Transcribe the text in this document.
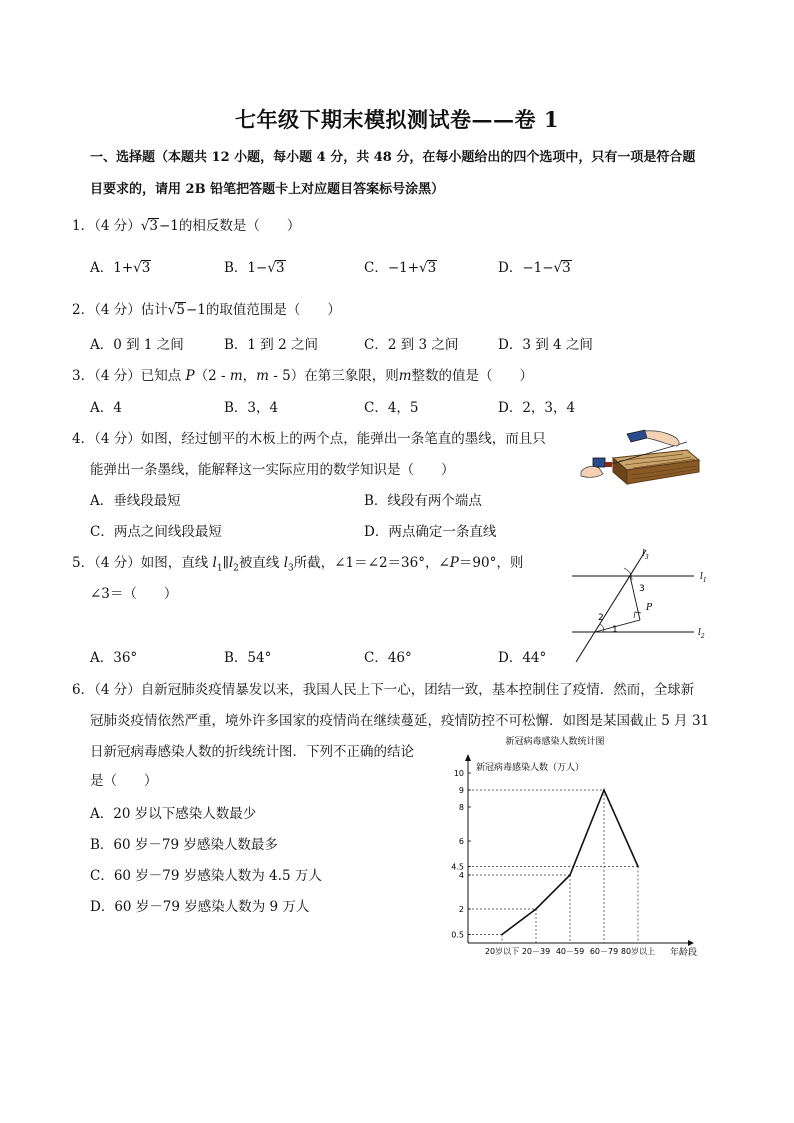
七年级下期末模拟测试卷——卷 1
一、选择题（本题共 12 小题，每小题 4 分，共 48 分，在每小题给出的四个选项中，只有一项是符合题
目要求的，请用 2B 铅笔把答题卡上对应题目答案标号涂黑）
1．（4 分）√3−1的相反数是（　　）
A．1+√3	B．1−√3	C．−1+√3	D．−1−√3
2．（4 分）估计√5−1的取值范围是（　　）
A．0 到 1 之间	B．1 到 2 之间	C．2 到 3 之间	D．3 到 4 之间
3．（4 分）已知点 P（2 - m，m - 5）在第三象限，则m整数的值是（　　）
A．4	B．3，4	C．4，5	D．2，3，4
4．（4 分）如图，经过刨平的木板上的两个点，能弹出一条笔直的墨线，而且只
能弹出一条墨线，能解释这一实际应用的数学知识是（　　）
A．垂线段最短	B．线段有两个端点
C．两点之间线段最短	D．两点确定一条直线
5．（4 分）如图，直线 $l_1\parallel l_2$被直线 $l_3$所截，∠1＝∠2＝36°，∠P＝90°，则
∠3＝（　　）
A．36°	B．54°	C．46°	D．44°
$l_3$
$l_1$
$l_2$
3
2
1
P
6．（4 分）自新冠肺炎疫情暴发以来，我国人民上下一心，团结一致，基本控制住了疫情．然而，全球新
冠肺炎疫情依然严重，境外许多国家的疫情尚在继续蔓延，疫情防控不可松懈．如图是某国截止 5 月 31
日新冠病毒感染人数的折线统计图．下列不正确的结论
是（　　）
A．20 岁以下感染人数最少
B．60 岁－79 岁感染人数最多
C．60 岁－79 岁感染人数为 4.5 万人
D．60 岁－79 岁感染人数为 9 万人
新冠病毒感染人数统计图
新冠病毒感染人数（万人）
年龄段
0.5
2
4
4.5
6
8
9
10
20岁以下 20－39 40－59 60－79 80岁以上
